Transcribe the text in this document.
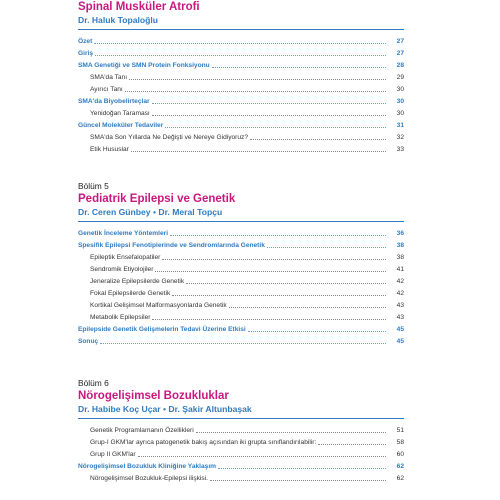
Spinal Musküler Atrofi
Dr. Haluk Topaloğlu
Özet	27
Giriş	27
SMA Genetiği ve SMN Protein Fonksiyonu	28
SMA'da Tanı	29
Ayırıcı Tanı	30
SMA'da Biyobelirteçlar	30
Yenidoğan Taraması	30
Güncel Moleküler Tedaviler	31
SMA'da Son Yıllarda Ne Değişti ve Nereye Gidiyoruz?	32
Etik Hususlar	33
Bölüm 5
Pediatrik Epilepsi ve Genetik
Dr. Ceren Günbey • Dr. Meral Topçu
Genetik İnceleme Yöntemleri	36
Spesifik Epilepsi Fenotiplerinde ve Sendromlarında Genetik	38
Epileptik Ensefalopatiler	38
Sendromik Etiyolojiler	41
Jeneralize Epilepsilerde Genetik	42
Fokal Epilepsilerde Genetik	42
Kortikal Gelişimsel Malformasyonlarda Genetik	43
Metabolik Epilepsiler	43
Epilepside Genetik Gelişmelerin Tedavi Üzerine Etkisi	45
Sonuç	45
Bölüm 6
Nörogelişimsel Bozukluklar
Dr. Habibe Koç Uçar • Dr. Şakir Altunbaşak
Genetik Programlamanın Özellikleri	51
Grup-I GKM'lar ayrıca patogenetik bakış açısından iki grupta sınıflandırılabilir:	58
Grup II GKM'lar	60
Nörogelişimsel Bozukluk Kliniğine Yaklaşım	62
Nörogelişimsel Bozukluk-Epilepsi ilişkisi.	62
